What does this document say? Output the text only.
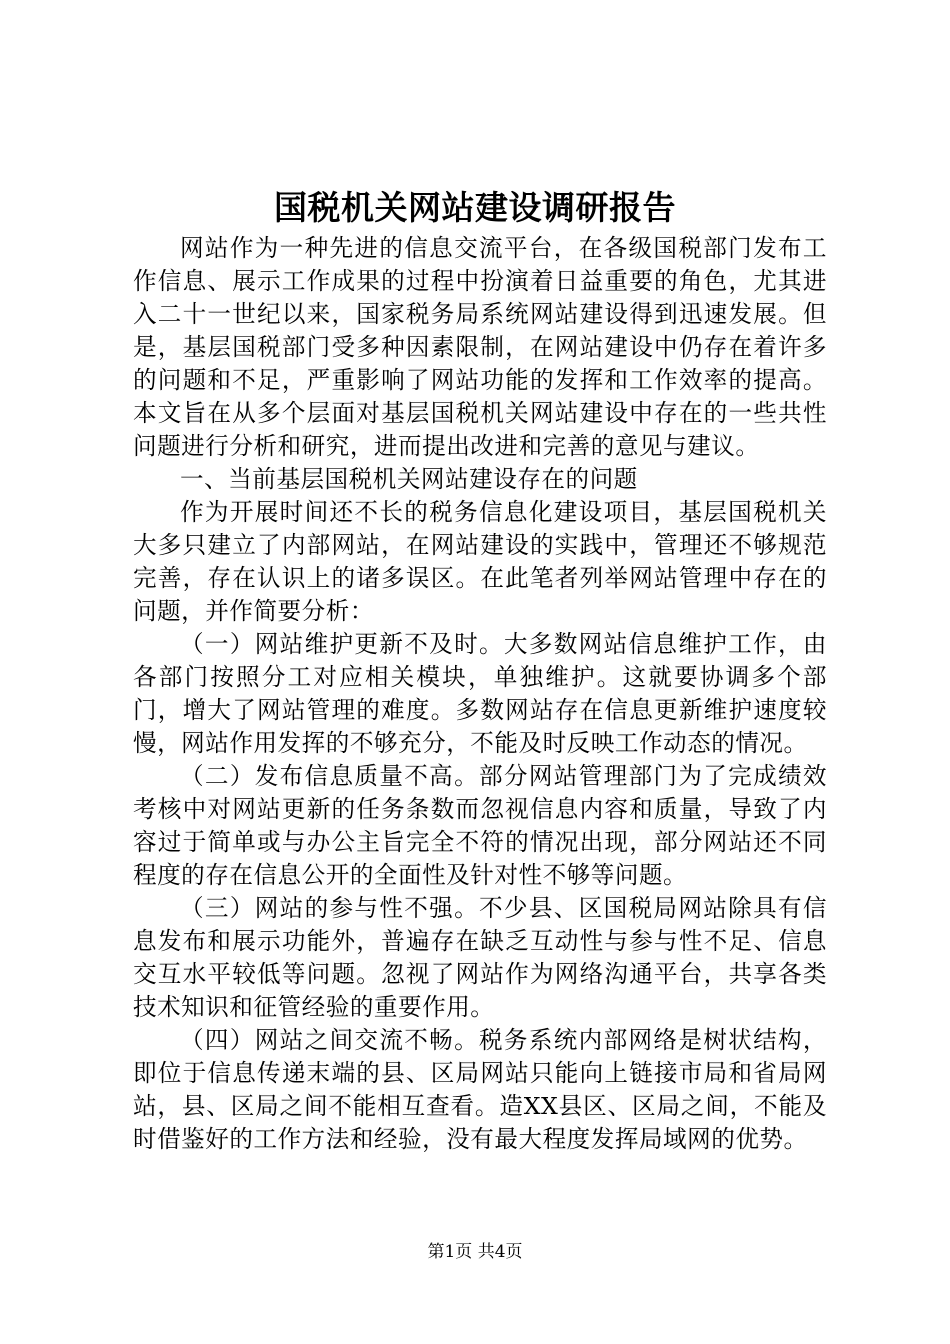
国税机关网站建设调研报告

网站作为一种先进的信息交流平台，在各级国税部门发布工作信息、展示工作成果的过程中扮演着日益重要的角色，尤其进入二十一世纪以来，国家税务局系统网站建设得到迅速发展。但是，基层国税部门受多种因素限制，在网站建设中仍存在着许多的问题和不足，严重影响了网站功能的发挥和工作效率的提高。本文旨在从多个层面对基层国税机关网站建设中存在的一些共性问题进行分析和研究，进而提出改进和完善的意见与建议。

一、当前基层国税机关网站建设存在的问题

作为开展时间还不长的税务信息化建设项目，基层国税机关大多只建立了内部网站，在网站建设的实践中，管理还不够规范完善，存在认识上的诸多误区。在此笔者列举网站管理中存在的问题，并作简要分析：

（一）网站维护更新不及时。大多数网站信息维护工作，由各部门按照分工对应相关模块，单独维护。这就要协调多个部门，增大了网站管理的难度。多数网站存在信息更新维护速度较慢，网站作用发挥的不够充分，不能及时反映工作动态的情况。

（二）发布信息质量不高。部分网站管理部门为了完成绩效考核中对网站更新的任务条数而忽视信息内容和质量，导致了内容过于简单或与办公主旨完全不符的情况出现，部分网站还不同程度的存在信息公开的全面性及针对性不够等问题。

（三）网站的参与性不强。不少县、区国税局网站除具有信息发布和展示功能外，普遍存在缺乏互动性与参与性不足、信息交互水平较低等问题。忽视了网站作为网络沟通平台，共享各类技术知识和征管经验的重要作用。

（四）网站之间交流不畅。税务系统内部网络是树状结构，即位于信息传递末端的县、区局网站只能向上链接市局和省局网站，县、区局之间不能相互查看。造XX县区、区局之间，不能及时借鉴好的工作方法和经验，没有最大程度发挥局域网的优势。

第1页 共4页
